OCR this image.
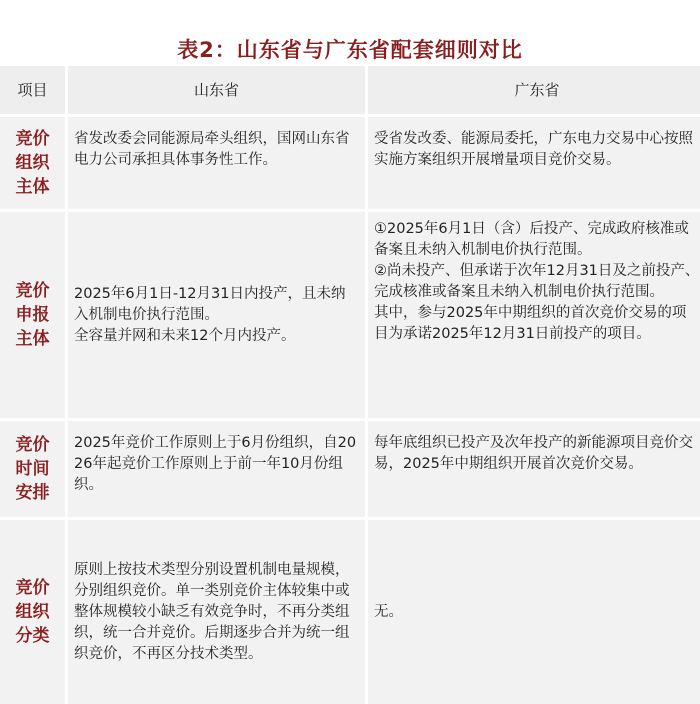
表2：山东省与广东省配套细则对比
项目	山东省	广东省
竞价组织主体
省发改委会同能源局牵头组织，国网山东省电力公司承担具体事务性工作。
受省发改委、能源局委托，广东电力交易中心按照实施方案组织开展增量项目竞价交易。
竞价申报主体
2025年6月1日-12月31日内投产，且未纳入机制电价执行范围。
全容量并网和未来12个月内投产。
①2025年6月1日（含）后投产、完成政府核准或备案且未纳入机制电价执行范围。
②尚未投产、但承诺于次年12月31日及之前投产、完成核准或备案且未纳入机制电价执行范围。
其中，参与2025年中期组织的首次竞价交易的项目为承诺2025年12月31日前投产的项目。
竞价时间安排
2025年竞价工作原则上于6月份组织，自2026年起竞价工作原则上于前一年10月份组织。
每年底组织已投产及次年投产的新能源项目竞价交易，2025年中期组织开展首次竞价交易。
竞价组织分类
原则上按技术类型分别设置机制电量规模，分别组织竞价。单一类别竞价主体较集中或整体规模较小缺乏有效竞争时，不再分类组织，统一合并竞价。后期逐步合并为统一组织竞价，不再区分技术类型。
无。
